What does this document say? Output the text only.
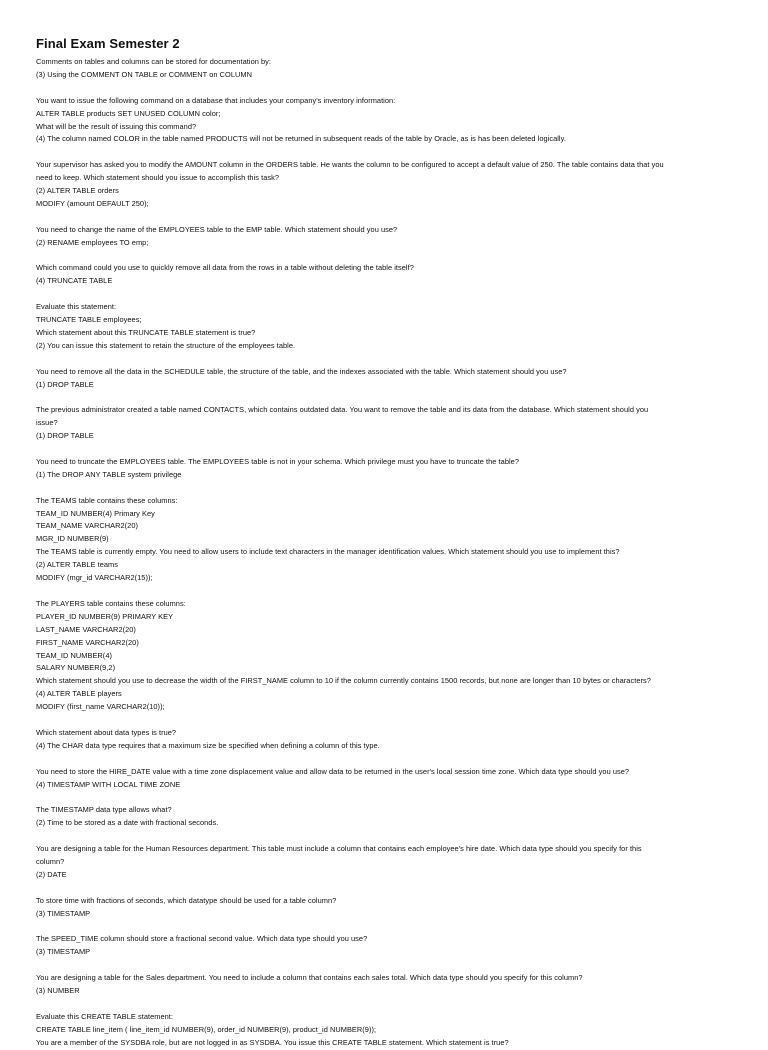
Final Exam Semester 2
Comments on tables and columns can be stored for documentation by:
(3) Using the COMMENT ON TABLE or COMMENT on COLUMN
You want to issue the following command on a database that includes your company's inventory information:
ALTER TABLE products SET UNUSED COLUMN color;
What will be the result of issuing this command?
(4) The column named COLOR in the table named PRODUCTS will not be returned in subsequent reads of the table by Oracle, as is has been deleted logically.
Your supervisor has asked you to modify the AMOUNT column in the ORDERS table. He wants the column to be configured to accept a default value of 250. The table contains data that you
need to keep. Which statement should you issue to accomplish this task?
(2) ALTER TABLE orders
MODIFY (amount DEFAULT 250);
You need to change the name of the EMPLOYEES table to the EMP table. Which statement should you use?
(2) RENAME employees TO emp;
Which command could you use to quickly remove all data from the rows in a table without deleting the table itself?
(4) TRUNCATE TABLE
Evaluate this statement:
TRUNCATE TABLE employees;
Which statement about this TRUNCATE TABLE statement is true?
(2) You can issue this statement to retain the structure of the employees table.
You need to remove all the data in the SCHEDULE table, the structure of the table, and the indexes associated with the table. Which statement should you use?
(1) DROP TABLE
The previous administrator created a table named CONTACTS, which contains outdated data. You want to remove the table and its data from the database. Which statement should you
issue?
(1) DROP TABLE
You need to truncate the EMPLOYEES table. The EMPLOYEES table is not in your schema. Which privilege must you have to truncate the table?
(1) The DROP ANY TABLE system privilege
The TEAMS table contains these columns:
TEAM_ID NUMBER(4) Primary Key
TEAM_NAME VARCHAR2(20)
MGR_ID NUMBER(9)
The TEAMS table is currently empty. You need to allow users to include text characters in the manager identification values. Which statement should you use to implement this?
(2) ALTER TABLE teams
MODIFY (mgr_id VARCHAR2(15));
The PLAYERS table contains these columns:
PLAYER_ID NUMBER(9) PRIMARY KEY
LAST_NAME VARCHAR2(20)
FIRST_NAME VARCHAR2(20)
TEAM_ID NUMBER(4)
SALARY NUMBER(9,2)
Which statement should you use to decrease the width of the FIRST_NAME column to 10 if the column currently contains 1500 records, but none are longer than 10 bytes or characters?
(4) ALTER TABLE players
MODIFY (first_name VARCHAR2(10));
Which statement about data types is true?
(4) The CHAR data type requires that a maximum size be specified when defining a column of this type.
You need to store the HIRE_DATE value with a time zone displacement value and allow data to be returned in the user's local session time zone. Which data type should you use?
(4) TIMESTAMP WITH LOCAL TIME ZONE
The TIMESTAMP data type allows what?
(2) Time to be stored as a date with fractional seconds.
You are designing a table for the Human Resources department. This table must include a column that contains each employee's hire date. Which data type should you specify for this
column?
(2) DATE
To store time with fractions of seconds, which datatype should be used for a table column?
(3) TIMESTAMP
The SPEED_TIME column should store a fractional second value. Which data type should you use?
(3) TIMESTAMP
You are designing a table for the Sales department. You need to include a column that contains each sales total. Which data type should you specify for this column?
(3) NUMBER
Evaluate this CREATE TABLE statement:
CREATE TABLE line_item ( line_item_id NUMBER(9), order_id NUMBER(9), product_id NUMBER(9));
You are a member of the SYSDBA role, but are not logged in as SYSDBA. You issue this CREATE TABLE statement. Which statement is true?
